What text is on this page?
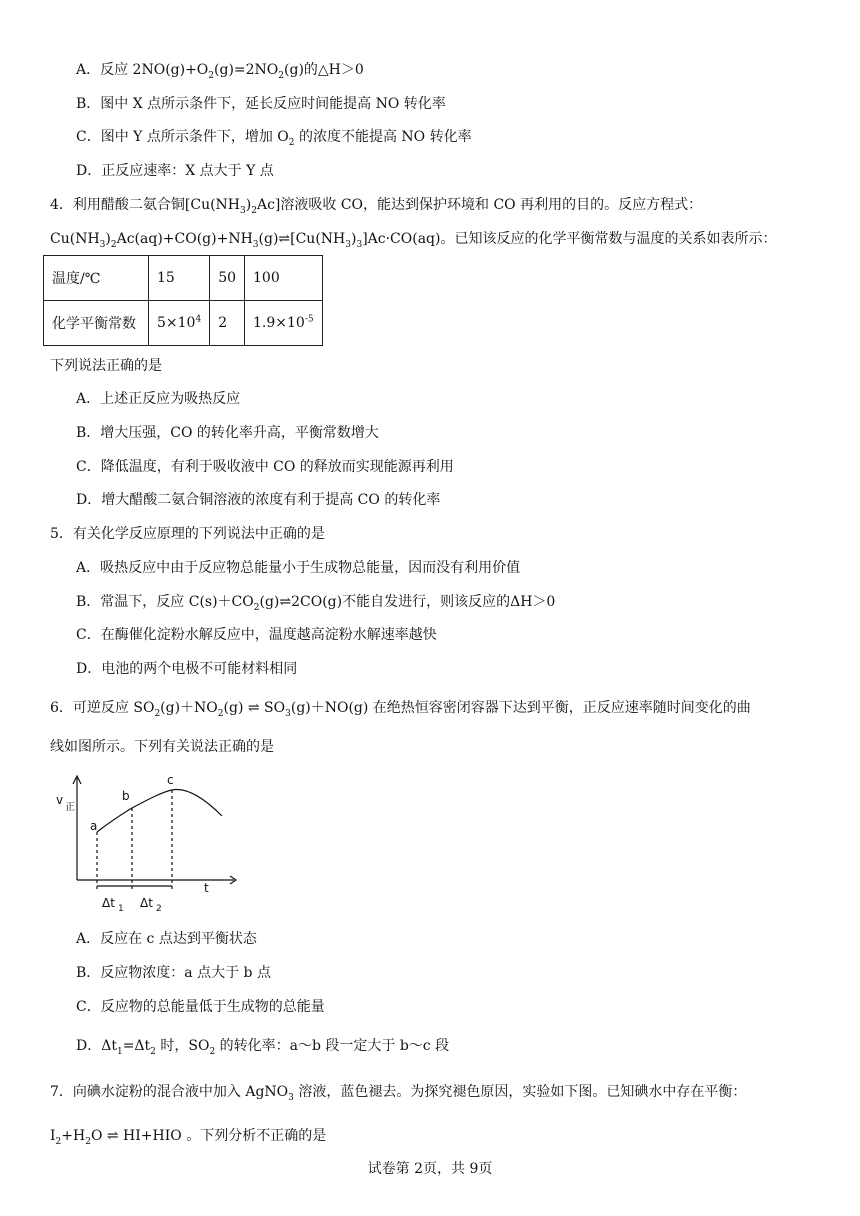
A．反应 $2NO(g)+O_2(g)=2NO_2(g)$的△H＞0
B．图中 X 点所示条件下，延长反应时间能提高 NO 转化率
C．图中 Y 点所示条件下，增加 $O_2$ 的浓度不能提高 NO 转化率
D．正反应速率：X 点大于 Y 点
4．利用醋酸二氨合铜$[Cu(NH_3)_2Ac]$溶液吸收 CO，能达到保护环境和 CO 再利用的目的。反应方程式：
$Cu(NH_3)_2Ac(aq)+CO(g)+NH_3(g)\rightleftharpoons[Cu(NH_3)_3]Ac\cdot CO(aq)$。已知该反应的化学平衡常数与温度的关系如表所示：
温度/℃	15	50	100
化学平衡常数	$5\times 10^4$	2	$1.9\times 10^{-5}$
下列说法正确的是
A．上述正反应为吸热反应
B．增大压强，CO 的转化率升高，平衡常数增大
C．降低温度，有利于吸收液中 CO 的释放而实现能源再利用
D．增大醋酸二氨合铜溶液的浓度有利于提高 CO 的转化率
5．有关化学反应原理的下列说法中正确的是
A．吸热反应中由于反应物总能量小于生成物总能量，因而没有利用价值
B．常温下，反应 $C(s)+CO_2(g)\rightleftharpoons 2CO(g)$不能自发进行，则该反应的ΔH＞0
C．在酶催化淀粉水解反应中，温度越高淀粉水解速率越快
D．电池的两个电极不可能材料相同
6．可逆反应 $SO_2(g)+NO_2(g)$ ⇌ $SO_3(g)+NO(g)$ 在绝热恒容密闭容器下达到平衡，正反应速率随时间变化的曲
线如图所示。下列有关说法正确的是
v
正
a
b
c
t
Δt 1 Δt 2
A．反应在 c 点达到平衡状态
B．反应物浓度：a 点大于 b 点
C．反应物的总能量低于生成物的总能量
D．$\Delta t_1=\Delta t_2$ 时，$SO_2$ 的转化率：a～b 段一定大于 b～c 段
7．向碘水淀粉的混合液中加入 AgNO$_3$ 溶液，蓝色褪去。为探究褪色原因，实验如下图。已知碘水中存在平衡：
$I_2+H_2O$ ⇌ HI+HIO 。下列分析不正确的是
试卷第 2页，共 9页
